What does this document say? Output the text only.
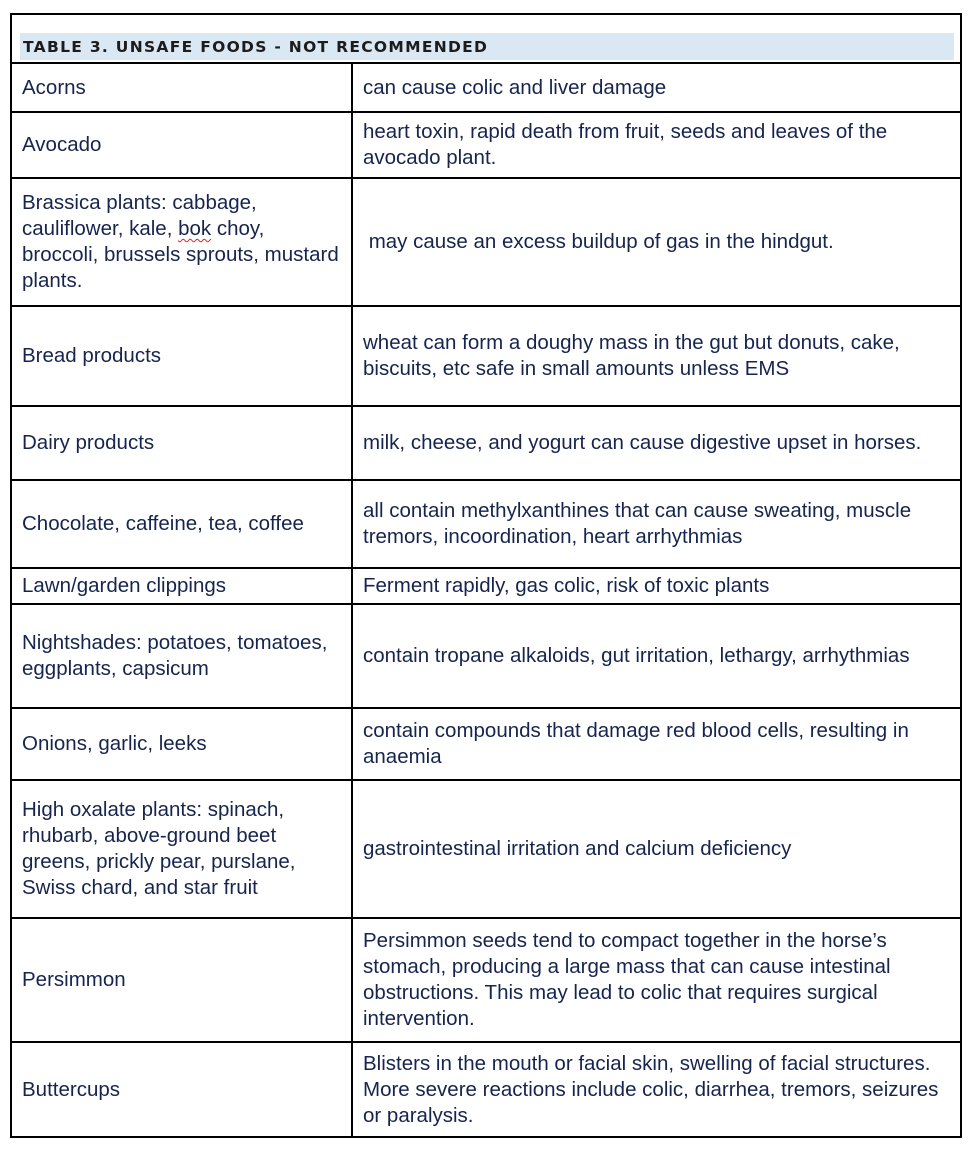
TABLE 3. UNSAFE FOODS - NOT RECOMMENDED
Acorns	can cause colic and liver damage
Avocado	heart toxin, rapid death from fruit, seeds and leaves of the avocado plant.
Brassica plants: cabbage, cauliflower, kale, bok choy, broccoli, brussels sprouts, mustard plants.	may cause an excess buildup of gas in the hindgut.
Bread products	wheat can form a doughy mass in the gut but donuts, cake, biscuits, etc safe in small amounts unless EMS
Dairy products	milk, cheese, and yogurt can cause digestive upset in horses.
Chocolate, caffeine, tea, coffee	all contain methylxanthines that can cause sweating, muscle tremors, incoordination, heart arrhythmias
Lawn/garden clippings	Ferment rapidly, gas colic, risk of toxic plants
Nightshades: potatoes, tomatoes, eggplants, capsicum	contain tropane alkaloids, gut irritation, lethargy, arrhythmias
Onions, garlic, leeks	contain compounds that damage red blood cells, resulting in anaemia
High oxalate plants: spinach, rhubarb, above-ground beet greens, prickly pear, purslane, Swiss chard, and star fruit	gastrointestinal irritation and calcium deficiency
Persimmon	Persimmon seeds tend to compact together in the horse’s stomach, producing a large mass that can cause intestinal obstructions. This may lead to colic that requires surgical intervention.
Buttercups	Blisters in the mouth or facial skin, swelling of facial structures. More severe reactions include colic, diarrhea, tremors, seizures or paralysis.
